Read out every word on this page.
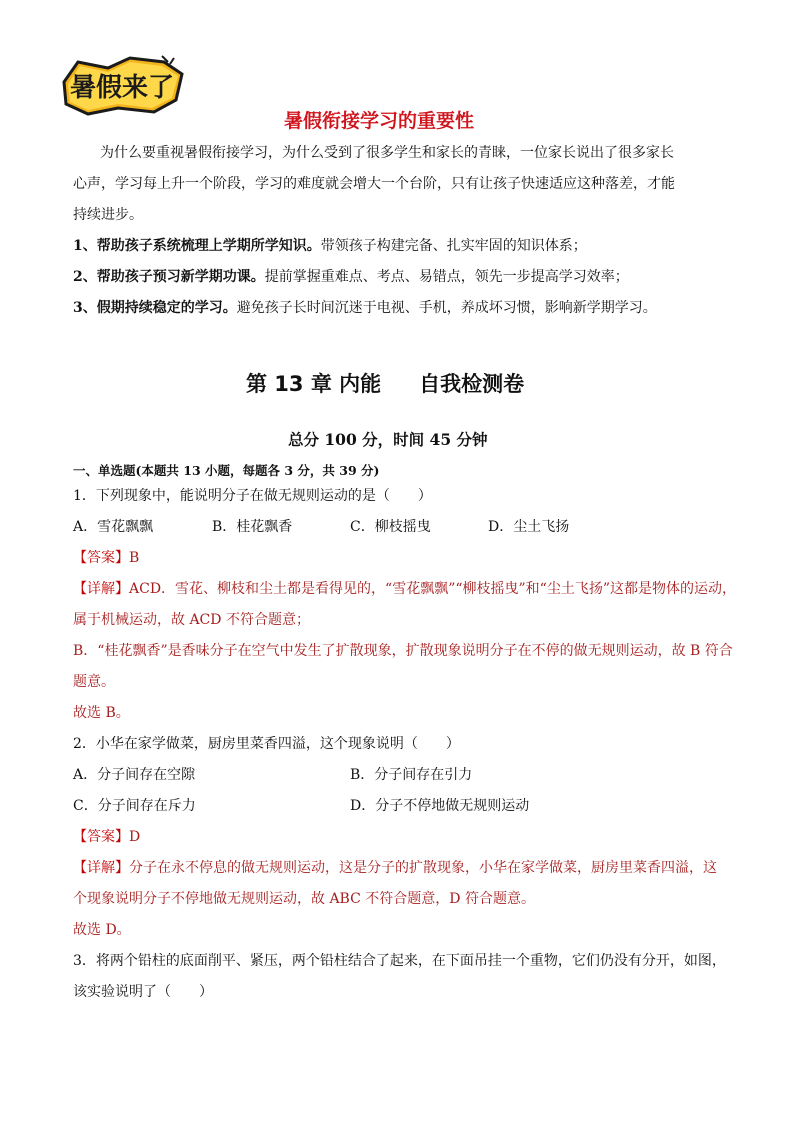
暑假来了
暑假衔接学习的重要性
为什么要重视暑假衔接学习，为什么受到了很多学生和家长的青睐，一位家长说出了很多家长
心声，学习每上升一个阶段，学习的难度就会增大一个台阶，只有让孩子快速适应这种落差，才能
持续进步。
1、帮助孩子系统梳理上学期所学知识。带领孩子构建完备、扎实牢固的知识体系；
2、帮助孩子预习新学期功课。提前掌握重难点、考点、易错点，领先一步提高学习效率；
3、假期持续稳定的学习。避免孩子长时间沉迷于电视、手机，养成坏习惯，影响新学期学习。
第 13 章 内能 自我检测卷
总分 100 分，时间 45 分钟
一、单选题(本题共 13 小题，每题各 3 分，共 39 分)
1．下列现象中，能说明分子在做无规则运动的是（　　）
A．雪花飘飘	B．桂花飘香	C．柳枝摇曳	D．尘土飞扬
【答案】B
【详解】ACD．雪花、柳枝和尘土都是看得见的，“雪花飘飘”“柳枝摇曳”和“尘土飞扬”这都是物体的运动，
属于机械运动，故 ACD 不符合题意；
B．“桂花飘香”是香味分子在空气中发生了扩散现象，扩散现象说明分子在不停的做无规则运动，故 B 符合
题意。
故选 B。
2．小华在家学做菜，厨房里菜香四溢，这个现象说明（　　）
A．分子间存在空隙	B．分子间存在引力
C．分子间存在斥力	D．分子不停地做无规则运动
【答案】D
【详解】分子在永不停息的做无规则运动，这是分子的扩散现象，小华在家学做菜，厨房里菜香四溢，这
个现象说明分子不停地做无规则运动，故 ABC 不符合题意，D 符合题意。
故选 D。
3．将两个铅柱的底面削平、紧压，两个铅柱结合了起来，在下面吊挂一个重物，它们仍没有分开，如图，
该实验说明了（　　）
